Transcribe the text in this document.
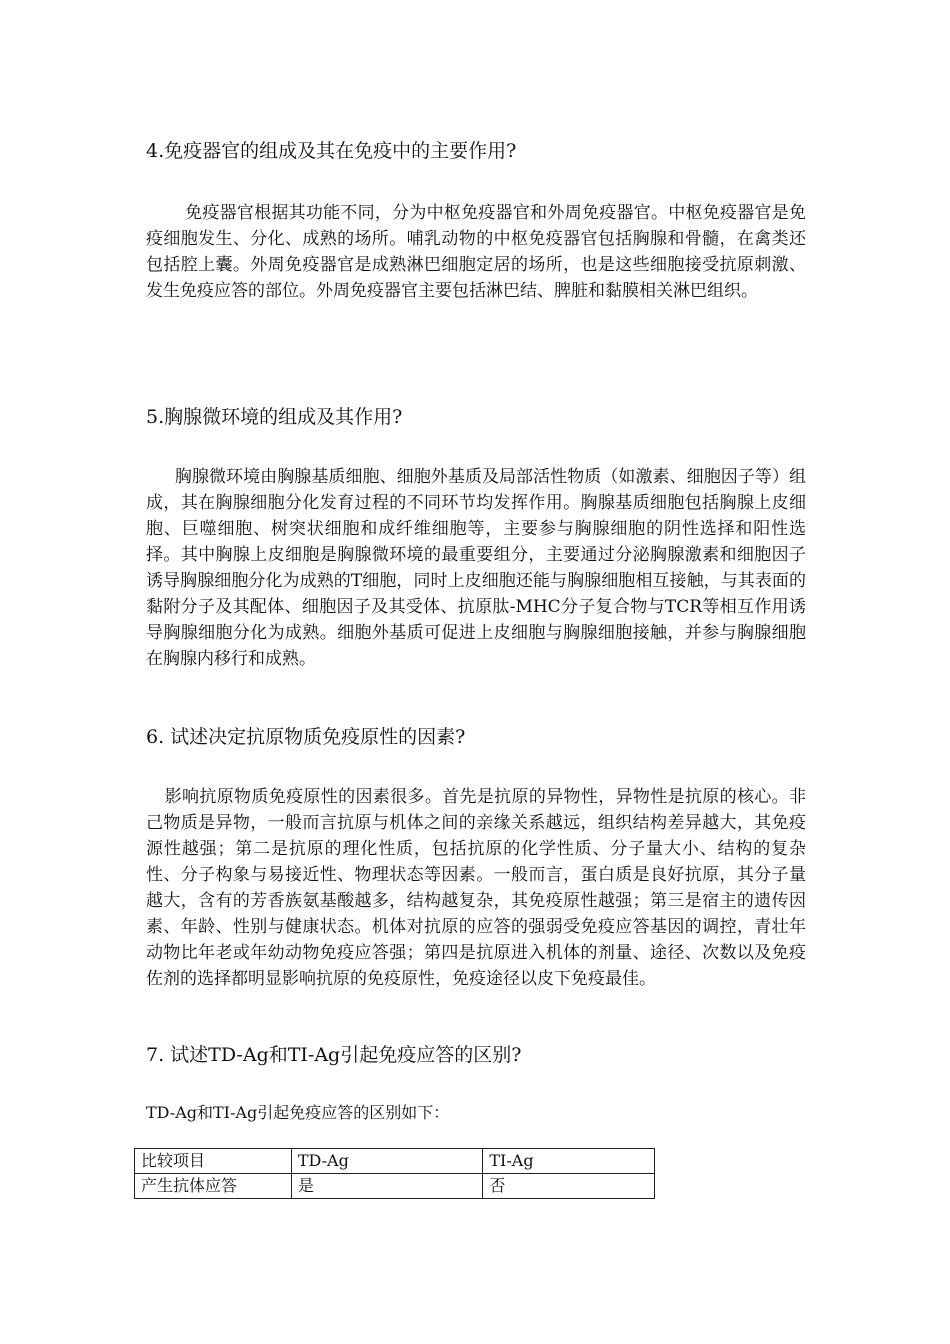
4.免疫器官的组成及其在免疫中的主要作用?

免疫器官根据其功能不同，分为中枢免疫器官和外周免疫器官。中枢免疫器官是免疫细胞发生、分化、成熟的场所。哺乳动物的中枢免疫器官包括胸腺和骨髓，在禽类还包括腔上囊。外周免疫器官是成熟淋巴细胞定居的场所，也是这些细胞接受抗原刺激、发生免疫应答的部位。外周免疫器官主要包括淋巴结、脾脏和黏膜相关淋巴组织。

5.胸腺微环境的组成及其作用?

胸腺微环境由胸腺基质细胞、细胞外基质及局部活性物质（如激素、细胞因子等）组成，其在胸腺细胞分化发育过程的不同环节均发挥作用。胸腺基质细胞包括胸腺上皮细胞、巨噬细胞、树突状细胞和成纤维细胞等，主要参与胸腺细胞的阴性选择和阳性选择。其中胸腺上皮细胞是胸腺微环境的最重要组分，主要通过分泌胸腺激素和细胞因子诱导胸腺细胞分化为成熟的T细胞，同时上皮细胞还能与胸腺细胞相互接触，与其表面的黏附分子及其配体、细胞因子及其受体、抗原肽-MHC分子复合物与TCR等相互作用诱导胸腺细胞分化为成熟。细胞外基质可促进上皮细胞与胸腺细胞接触，并参与胸腺细胞在胸腺内移行和成熟。

6. 试述决定抗原物质免疫原性的因素?

影响抗原物质免疫原性的因素很多。首先是抗原的异物性，异物性是抗原的核心。非己物质是异物，一般而言抗原与机体之间的亲缘关系越远，组织结构差异越大，其免疫源性越强；第二是抗原的理化性质，包括抗原的化学性质、分子量大小、结构的复杂性、分子构象与易接近性、物理状态等因素。一般而言，蛋白质是良好抗原，其分子量越大，含有的芳香族氨基酸越多，结构越复杂，其免疫原性越强；第三是宿主的遗传因素、年龄、性别与健康状态。机体对抗原的应答的强弱受免疫应答基因的调控，青壮年动物比年老或年幼动物免疫应答强；第四是抗原进入机体的剂量、途径、次数以及免疫佐剂的选择都明显影响抗原的免疫原性，免疫途径以皮下免疫最佳。

7. 试述TD-Ag和TI-Ag引起免疫应答的区别?

TD-Ag和TI-Ag引起免疫应答的区别如下：

比较项目	TD-Ag	TI-Ag
产生抗体应答	是	否
